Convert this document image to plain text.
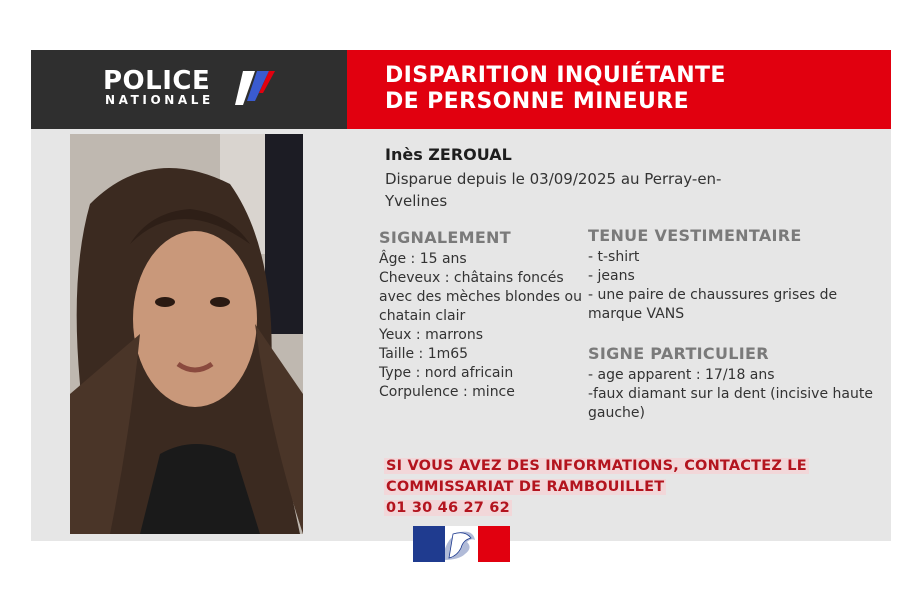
POLICE
NATIONALE
DISPARITION INQUIÉTANTE
DE PERSONNE MINEURE
Inès ZEROUAL
Disparue depuis le 03/09/2025 au Perray-en-
Yvelines
SIGNALEMENT
Âge : 15 ans
Cheveux : châtains foncés
avec des mèches blondes ou
chatain clair
Yeux : marrons
Taille : 1m65
Type : nord africain
Corpulence : mince
TENUE VESTIMENTAIRE
- t-shirt
- jeans
- une paire de chaussures grises de
marque VANS
SIGNE PARTICULIER
- age apparent : 17/18 ans
-faux diamant sur la dent (incisive haute
gauche)
SI VOUS AVEZ DES INFORMATIONS, CONTACTEZ LE
COMMISSARIAT DE RAMBOUILLET
01 30 46 27 62
